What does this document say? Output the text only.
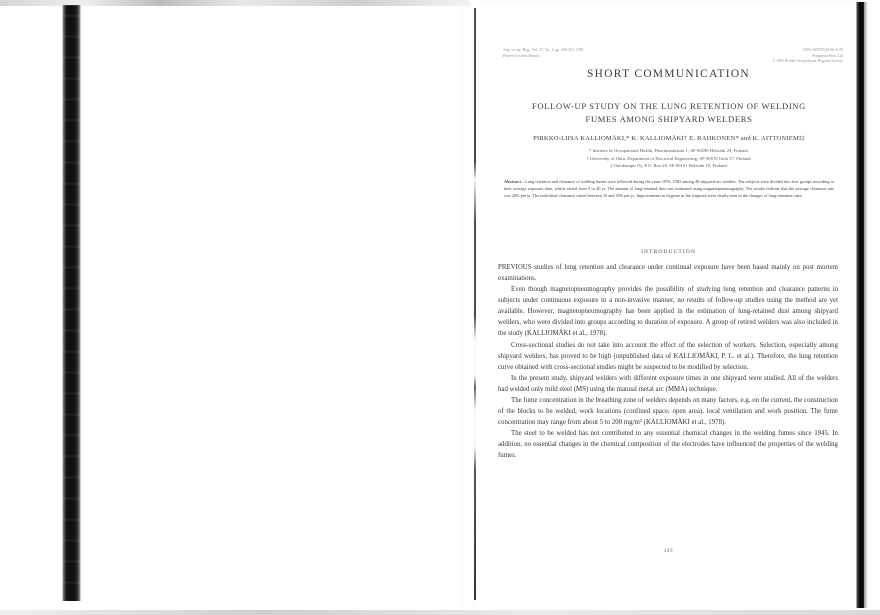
Ann. occup. Hyg., Vol. 27, No. 4, pp. 449-452, 1983.
Printed in Great Britain.
0003-4878/83 $3.00+0.00
Pergamon Press Ltd
© 1983 British Occupational Hygiene Society
SHORT COMMUNICATION
FOLLOW-UP STUDY ON THE LUNG RETENTION OF WELDING
FUMES AMONG SHIPYARD WELDERS
PIRKKO-LIISA KALLIOMÄKI,* K. KALLIOMÄKI† E. RAHKONEN* and K. AITTONIEMI‡
* Institute of Occupational Health, Haartmaninkatu 1, SF-00290 Helsinki 29, Finland.
† University of Oulu, Department of Electrical Engineering, SF-90570 Oulu 57, Finland.
‡ Outokumpu Oy, P.O. Box 28, SF-00101 Helsinki 10, Finland.
Abstract—Lung retention and clearance of welding fumes were followed during the years 1976–1982 among 48 shipyard arc welders. The subjects were divided into four groups according to their average exposure time, which varied from 3 to 40 yr. The amount of lung-retained dust was estimated using magnetopneumography. The results indicate that the average clearance rate was 20% per yr. The individual clearance varied between 10 and 30% per yr. Improvements in hygiene in the shipyard were clearly seen in the changes of lung retention rates.
INTRODUCTION

PREVIOUS studies of lung retention and clearance under continual exposure have been based mainly on post mortem examinations.

Even though magnetopneumography provides the possibility of studying lung retention and clearance patterns in subjects under continuous exposure in a non-invasive manner, no results of follow-up studies using the method are yet available. However, magnetopneumography has been applied in the estimation of lung-retained dust among shipyard welders, who were divided into groups according to duration of exposure. A group of retired welders was also included in the study (KALLIOMÄKI et al., 1978).

Cross-sectional studies do not take into account the effect of the selection of workers. Selection, especially among shipyard welders, has proved to be high (unpublished data of KALLIOMÄKI, P. L. et al.). Therefore, the lung retention curve obtained with cross-sectional studies might be suspected to be modified by selection.

In the present study, shipyard welders with different exposure times in one shipyard were studied. All of the welders had welded only mild steel (MS) using the manual metal arc (MMA) technique.

The fume concentration in the breathing zone of welders depends on many factors, e.g. on the current, the construction of the blocks to be welded, work locations (confined space, open area), local ventilation and work position. The fume concentration may range from about 5 to 200 mg/m³ (KALLIOMÄKI et al., 1978).

The steel to be welded has not contributed to any essential chemical changes in the welding fumes since 1945. In addition, no essential changes in the chemical composition of the electrodes have influenced the properties of the welding fumes.

449
